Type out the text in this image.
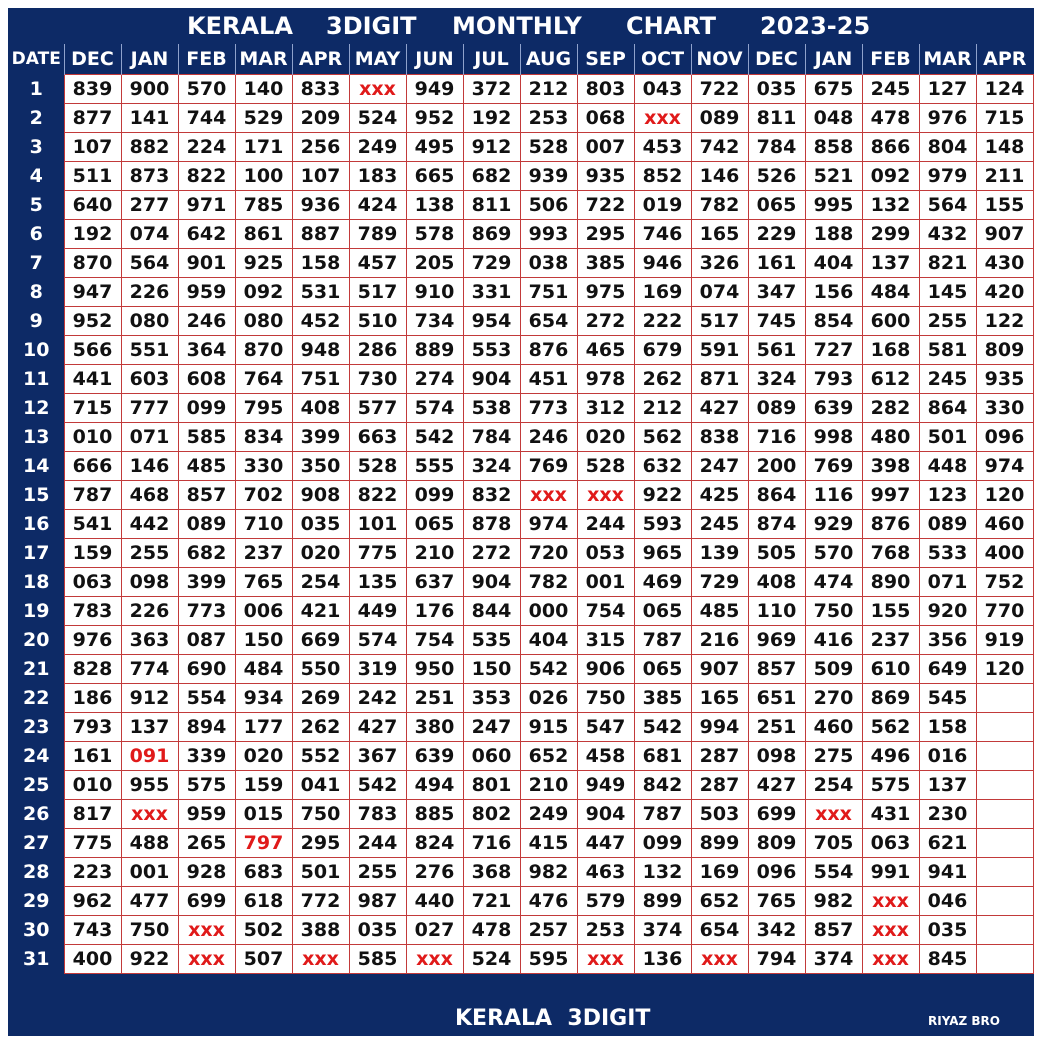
KERALA 3DIGIT MONTHLY CHART 2023-25
DATE	DEC	JAN	FEB	MAR	APR	MAY	JUN	JUL	AUG	SEP	OCT	NOV	DEC	JAN	FEB	MAR	APR
1	839	900	570	140	833	xxx	949	372	212	803	043	722	035	675	245	127	124
2	877	141	744	529	209	524	952	192	253	068	xxx	089	811	048	478	976	715
3	107	882	224	171	256	249	495	912	528	007	453	742	784	858	866	804	148
4	511	873	822	100	107	183	665	682	939	935	852	146	526	521	092	979	211
5	640	277	971	785	936	424	138	811	506	722	019	782	065	995	132	564	155
6	192	074	642	861	887	789	578	869	993	295	746	165	229	188	299	432	907
7	870	564	901	925	158	457	205	729	038	385	946	326	161	404	137	821	430
8	947	226	959	092	531	517	910	331	751	975	169	074	347	156	484	145	420
9	952	080	246	080	452	510	734	954	654	272	222	517	745	854	600	255	122
10	566	551	364	870	948	286	889	553	876	465	679	591	561	727	168	581	809
11	441	603	608	764	751	730	274	904	451	978	262	871	324	793	612	245	935
12	715	777	099	795	408	577	574	538	773	312	212	427	089	639	282	864	330
13	010	071	585	834	399	663	542	784	246	020	562	838	716	998	480	501	096
14	666	146	485	330	350	528	555	324	769	528	632	247	200	769	398	448	974
15	787	468	857	702	908	822	099	832	xxx	xxx	922	425	864	116	997	123	120
16	541	442	089	710	035	101	065	878	974	244	593	245	874	929	876	089	460
17	159	255	682	237	020	775	210	272	720	053	965	139	505	570	768	533	400
18	063	098	399	765	254	135	637	904	782	001	469	729	408	474	890	071	752
19	783	226	773	006	421	449	176	844	000	754	065	485	110	750	155	920	770
20	976	363	087	150	669	574	754	535	404	315	787	216	969	416	237	356	919
21	828	774	690	484	550	319	950	150	542	906	065	907	857	509	610	649	120
22	186	912	554	934	269	242	251	353	026	750	385	165	651	270	869	545	
23	793	137	894	177	262	427	380	247	915	547	542	994	251	460	562	158	
24	161	091	339	020	552	367	639	060	652	458	681	287	098	275	496	016	
25	010	955	575	159	041	542	494	801	210	949	842	287	427	254	575	137	
26	817	xxx	959	015	750	783	885	802	249	904	787	503	699	xxx	431	230	
27	775	488	265	797	295	244	824	716	415	447	099	899	809	705	063	621	
28	223	001	928	683	501	255	276	368	982	463	132	169	096	554	991	941	
29	962	477	699	618	772	987	440	721	476	579	899	652	765	982	xxx	046	
30	743	750	xxx	502	388	035	027	478	257	253	374	654	342	857	xxx	035	
31	400	922	xxx	507	xxx	585	xxx	524	595	xxx	136	xxx	794	374	xxx	845	
KERALA  3DIGIT	RIYAZ BRO
